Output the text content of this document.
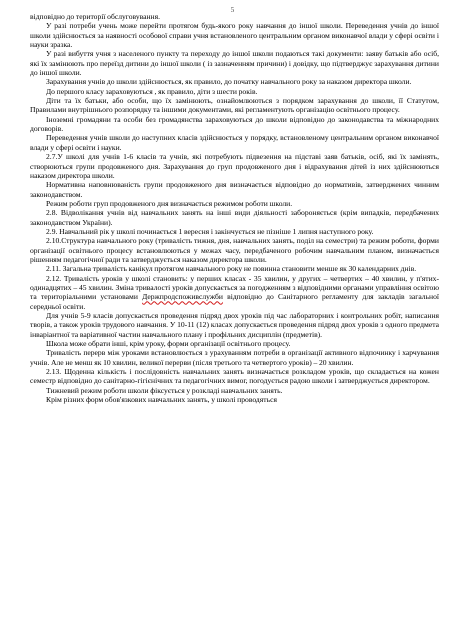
5

відповідно до території обслуговування.

У разі потреби учень може перейти протягом будь-якого року навчання до іншої школи. Переведення учнів до іншої школи здійснюється за наявності особової справи учня встановленого центральним органом виконавчої влади у сфері освіти і науки зразка.

У разі вибуття учня з населеного пункту та переходу до іншої школи подаються такі документи: заяву батьків або осіб, які їх замінюють про переїзд дитини до іншої школи ( із зазначенням причини) і довідку, що підтверджує зарахування дитини до іншої школи.

Зарахування учнів до школи здійснюється, як правило, до початку навчального року за наказом директора школи.

До першого класу зараховуються , як правило, діти з шести років.

Діти та їх батьки, або особи, що їх замінюють, ознайомлюються з порядком зарахування до школи, її Статутом, Правилами внутрішнього розпорядку та іншими документами, які регламентують організацію освітнього процесу.

Іноземні громадяни та особи без громадянства зараховуються до школи відповідно до законодавства та міжнародних договорів.

Переведення учнів школи до наступних класів здійснюється у порядку, встановленому центральним органом виконавчої влади у сфері освіти і науки.

2.7.У школі для учнів 1-6 класів та учнів, які потребують підвезення на підставі заяв батьків, осіб, які їх замінять, створюються групи продовженого дня. Зарахування до груп продовженого дня і відрахування дітей із них здійснюються наказом директора школи.

Нормативна наповнюваність групи продовженого дня визначається відповідно до нормативів, затверджених чинним законодавством.

Режим роботи груп продовженого дня визначається режимом роботи школи.

2.8. Відволікання учнів від навчальних занять на інші види діяльності забороняється (крім випадків, передбачених законодавством України).

2.9. Навчальний рік у школі починається 1 вересня і закінчується не пізніше 1 липня наступного року.

2.10.Структура навчального року (тривалість тижня, дня, навчальних занять, поділ на семестри) та режим роботи, форми організації освітнього процесу встановлюються у межах часу, передбаченого робочим навчальним планом, визначається рішенням педагогічної ради та затверджується наказом директора школи.

2.11. Загальна тривалість канікул протягом навчального року не повинна становити менше як 30 календарних днів.

2.12. Тривалість уроків у школі становить: у перших класах - 35 хвилин, у других – четвертих – 40 хвилин, у п'ятих-одинадцятих – 45 хвилин. Зміна тривалості уроків допускається за погодженням з відповідними органами управління освітою та територіальними установами Держпродспоживслужби відповідно до Санітарного регламенту для закладів загальної середньої освіти.

Для учнів 5-9 класів допускається проведення підряд двох уроків під час лабораторних і контрольних робіт, написання творів, а також уроків трудового навчання. У 10-11 (12) класах допускається проведення підряд двох уроків з одного предмета інваріантної та варіативної частин навчального плану і профільних дисциплін (предметів).

Школа може обрати інші, крім уроку, форми організації освітнього процесу.

Тривалість перерв між уроками встановлюється з урахуванням потреби в організації активного відпочинку і харчування учнів. Але не менш як 10 хвилин, великої перерви (після третього та четвертого уроків) – 20 хвилин.

2.13. Щоденна кількість і послідовність навчальних занять визначається розкладом уроків, що складається на кожен семестр відповідно до санітарно-гігієнічних та педагогічних вимог, погодується радою школи і затверджується директором.

Тижневий режим роботи школи фіксується у розкладі навчальних занять.

Крім різних форм обов'язкових навчальних занять, у школі проводяться
